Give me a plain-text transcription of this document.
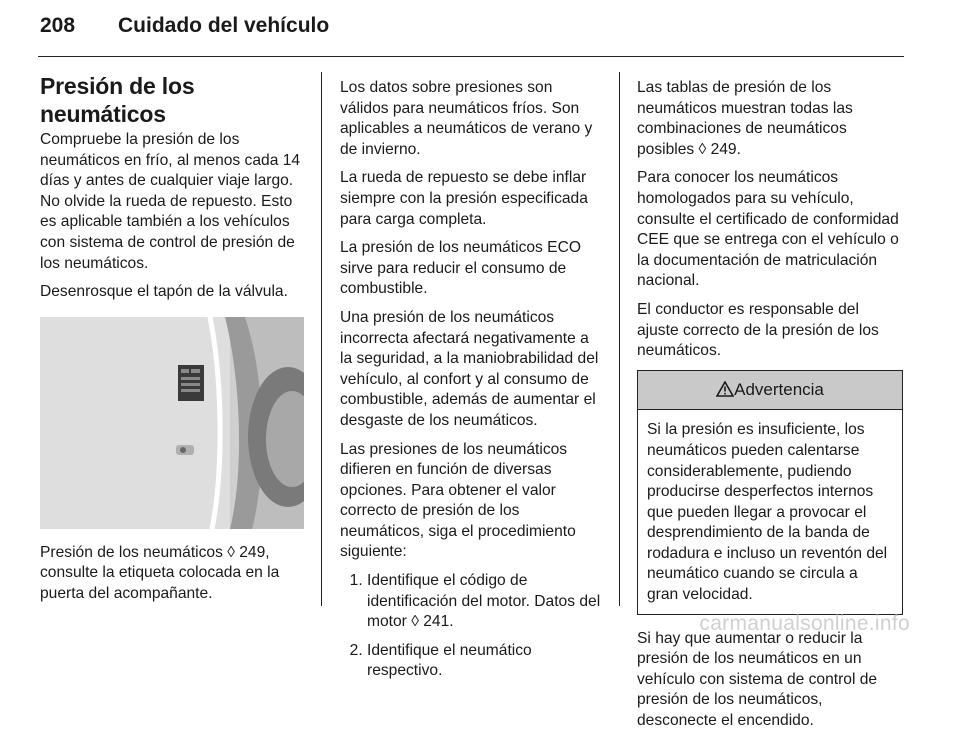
208 Cuidado del vehículo
Presión de los neumáticos

Compruebe la presión de los neumáticos en frío, al menos cada 14 días y antes de cualquier viaje largo. No olvide la rueda de repuesto. Esto es aplicable también a los vehículos con sistema de control de presión de los neumáticos.

Desenrosque el tapón de la válvula.

Presión de los neumáticos ◊ 249, consulte la etiqueta colocada en la puerta del acompañante.

Los datos sobre presiones son válidos para neumáticos fríos. Son aplicables a neumáticos de verano y de invierno.

La rueda de repuesto se debe inflar siempre con la presión especificada para carga completa.

La presión de los neumáticos ECO sirve para reducir el consumo de combustible.

Una presión de los neumáticos incorrecta afectará negativamente a la seguridad, a la maniobrabilidad del vehículo, al confort y al consumo de combustible, además de aumentar el desgaste de los neumáticos.

Las presiones de los neumáticos difieren en función de diversas opciones. Para obtener el valor correcto de presión de los neumáticos, siga el procedimiento siguiente:

1. Identifique el código de identificación del motor. Datos del motor ◊ 241.
2. Identifique el neumático respectivo.

Las tablas de presión de los neumáticos muestran todas las combinaciones de neumáticos posibles ◊ 249.

Para conocer los neumáticos homologados para su vehículo, consulte el certificado de conformidad CEE que se entrega con el vehículo o la documentación de matriculación nacional.

El conductor es responsable del ajuste correcto de la presión de los neumáticos.

Advertencia
Si la presión es insuficiente, los neumáticos pueden calentarse considerablemente, pudiendo producirse desperfectos internos que pueden llegar a provocar el desprendimiento de la banda de rodadura e incluso un reventón del neumático cuando se circula a gran velocidad.

Si hay que aumentar o reducir la presión de los neumáticos en un vehículo con sistema de control de presión de los neumáticos, desconecte el encendido.

carmanualsonline.info
